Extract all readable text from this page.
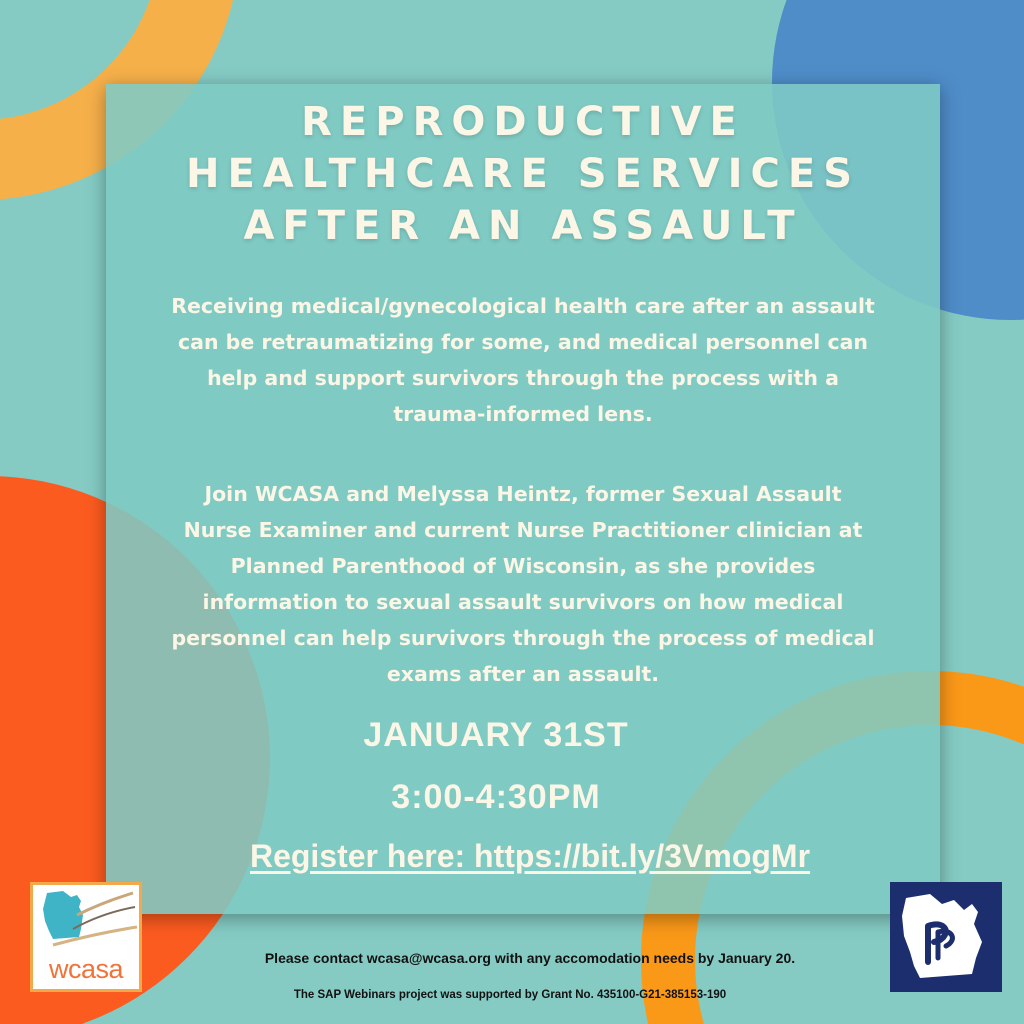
REPRODUCTIVE
HEALTHCARE SERVICES
AFTER AN ASSAULT

Receiving medical/gynecological health care after an assault
can be retraumatizing for some, and medical personnel can
help and support survivors through the process with a
trauma-informed lens.

Join WCASA and Melyssa Heintz, former Sexual Assault
Nurse Examiner and current Nurse Practitioner clinician at
Planned Parenthood of Wisconsin, as she provides
information to sexual assault survivors on how medical
personnel can help survivors through the process of medical
exams after an assault.

JANUARY 31ST

3:00-4:30PM

Register here: https://bit.ly/3VmogMr

Please contact wcasa@wcasa.org with any accomodation needs by January 20.

The SAP Webinars project was supported by Grant No. 435100-G21-385153-190

wcasa
